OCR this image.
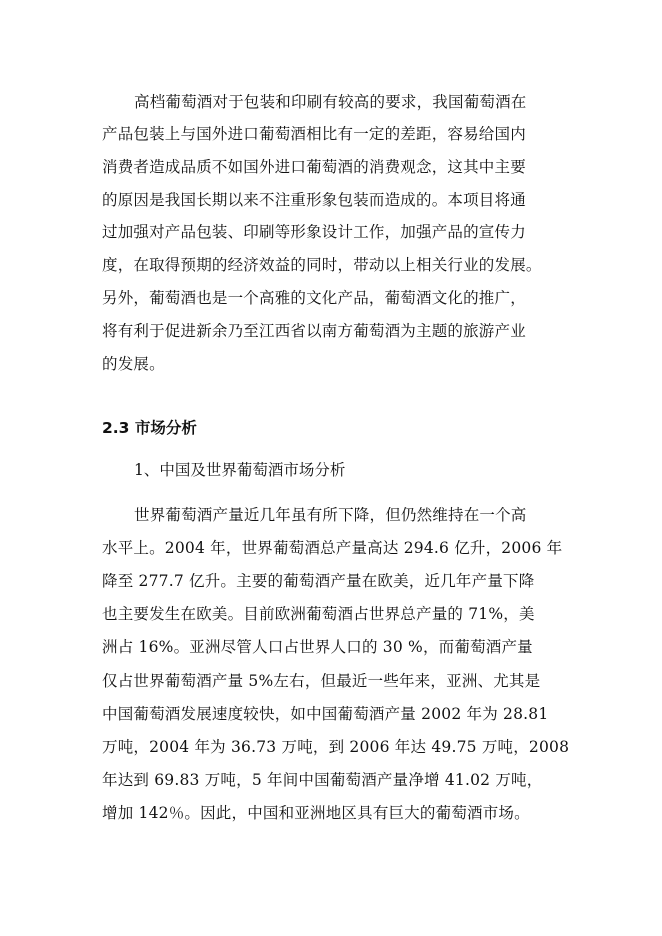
高档葡萄酒对于包装和印刷有较高的要求，我国葡萄酒在
产品包装上与国外进口葡萄酒相比有一定的差距，容易给国内
消费者造成品质不如国外进口葡萄酒的消费观念，这其中主要
的原因是我国长期以来不注重形象包装而造成的。本项目将通
过加强对产品包装、印刷等形象设计工作，加强产品的宣传力
度，在取得预期的经济效益的同时，带动以上相关行业的发展。
另外，葡萄酒也是一个高雅的文化产品，葡萄酒文化的推广，
将有利于促进新余乃至江西省以南方葡萄酒为主题的旅游产业
的发展。
2.3 市场分析
1、中国及世界葡萄酒市场分析
世界葡萄酒产量近几年虽有所下降，但仍然维持在一个高
水平上。2004 年，世界葡萄酒总产量高达 294.6 亿升，2006 年
降至 277.7 亿升。主要的葡萄酒产量在欧美，近几年产量下降
也主要发生在欧美。目前欧洲葡萄酒占世界总产量的 71%，美
洲占 16%。亚洲尽管人口占世界人口的 30 %，而葡萄酒产量
仅占世界葡萄酒产量 5%左右，但最近一些年来，亚洲、尤其是
中国葡萄酒发展速度较快，如中国葡萄酒产量 2002 年为 28.81
万吨，2004 年为 36.73 万吨，到 2006 年达 49.75 万吨，2008
年达到 69.83 万吨，5 年间中国葡萄酒产量净增 41.02 万吨，
增加 142％。因此，中国和亚洲地区具有巨大的葡萄酒市场。
